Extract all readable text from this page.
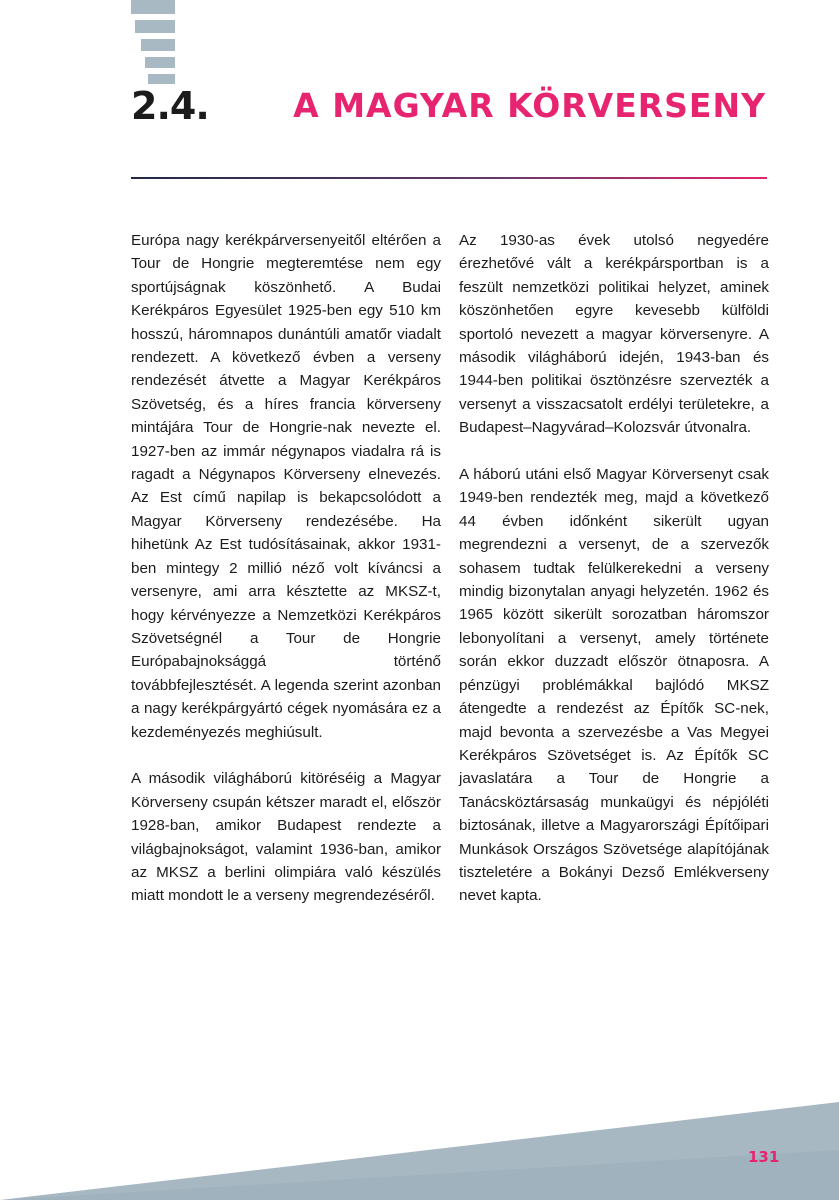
2.4.	A MAGYAR KÖRVERSENY

Európa nagy kerékpárversenyeitől eltérően a Tour de Hongrie megteremtése nem egy sportújságnak köszönhető. A Budai Kerékpáros Egyesület 1925-ben egy 510 km hosszú, háromnapos dunántúli amatőr viadalt rendezett. A következő évben a verseny rendezését átvette a Magyar Kerékpáros Szövetség, és a híres francia körverseny mintájára Tour de Hongrie-nak nevezte el. 1927-ben az immár négynapos viadalra rá is ragadt a Négynapos Körverseny elnevezés. Az Est című napilap is bekapcsolódott a Magyar Körverseny rendezésébe. Ha hihetünk Az Est tudósításainak, akkor 1931-ben mintegy 2 millió néző volt kíváncsi a versenyre, ami arra késztette az MKSZ-t, hogy kérvényezze a Nemzetközi Kerékpáros Szövetségnél a Tour de Hongrie Európabajnoksággá történő továbbfejlesztését. A legenda szerint azonban a nagy kerékpárgyártó cégek nyomására ez a kezdeményezés meghiúsult.

A második világháború kitöréséig a Magyar Körverseny csupán kétszer maradt el, először 1928-ban, amikor Budapest rendezte a világbajnokságot, valamint 1936-ban, amikor az MKSZ a berlini olimpiára való készülés miatt mondott le a verseny megrendezéséről.

Az 1930-as évek utolsó negyedére érezhetővé vált a kerékpársportban is a feszült nemzetközi politikai helyzet, aminek köszönhetően egyre kevesebb külföldi sportoló nevezett a magyar körversenyre. A második világháború idején, 1943-ban és 1944-ben politikai ösztönzésre szervezték a versenyt a visszacsatolt erdélyi területekre, a Budapest–Nagyvárad–Kolozsvár útvonalra.

A háború utáni első Magyar Körversenyt csak 1949-ben rendezték meg, majd a következő 44 évben időnként sikerült ugyan megrendezni a versenyt, de a szervezők sohasem tudtak felülkerekedni a verseny mindig bizonytalan anyagi helyzetén. 1962 és 1965 között sikerült sorozatban háromszor lebonyolítani a versenyt, amely története során ekkor duzzadt először ötnaposra. A pénzügyi problémákkal bajlódó MKSZ átengedte a rendezést az Építők SC-nek, majd bevonta a szervezésbe a Vas Megyei Kerékpáros Szövetséget is. Az Építők SC javaslatára a Tour de Hongrie a Tanácsköztársaság munkaügyi és népjóléti biztosának, illetve a Magyarországi Építőipari Munkások Országos Szövetsége alapítójának tiszteletére a Bokányi Dezső Emlékverseny nevet kapta.

131
